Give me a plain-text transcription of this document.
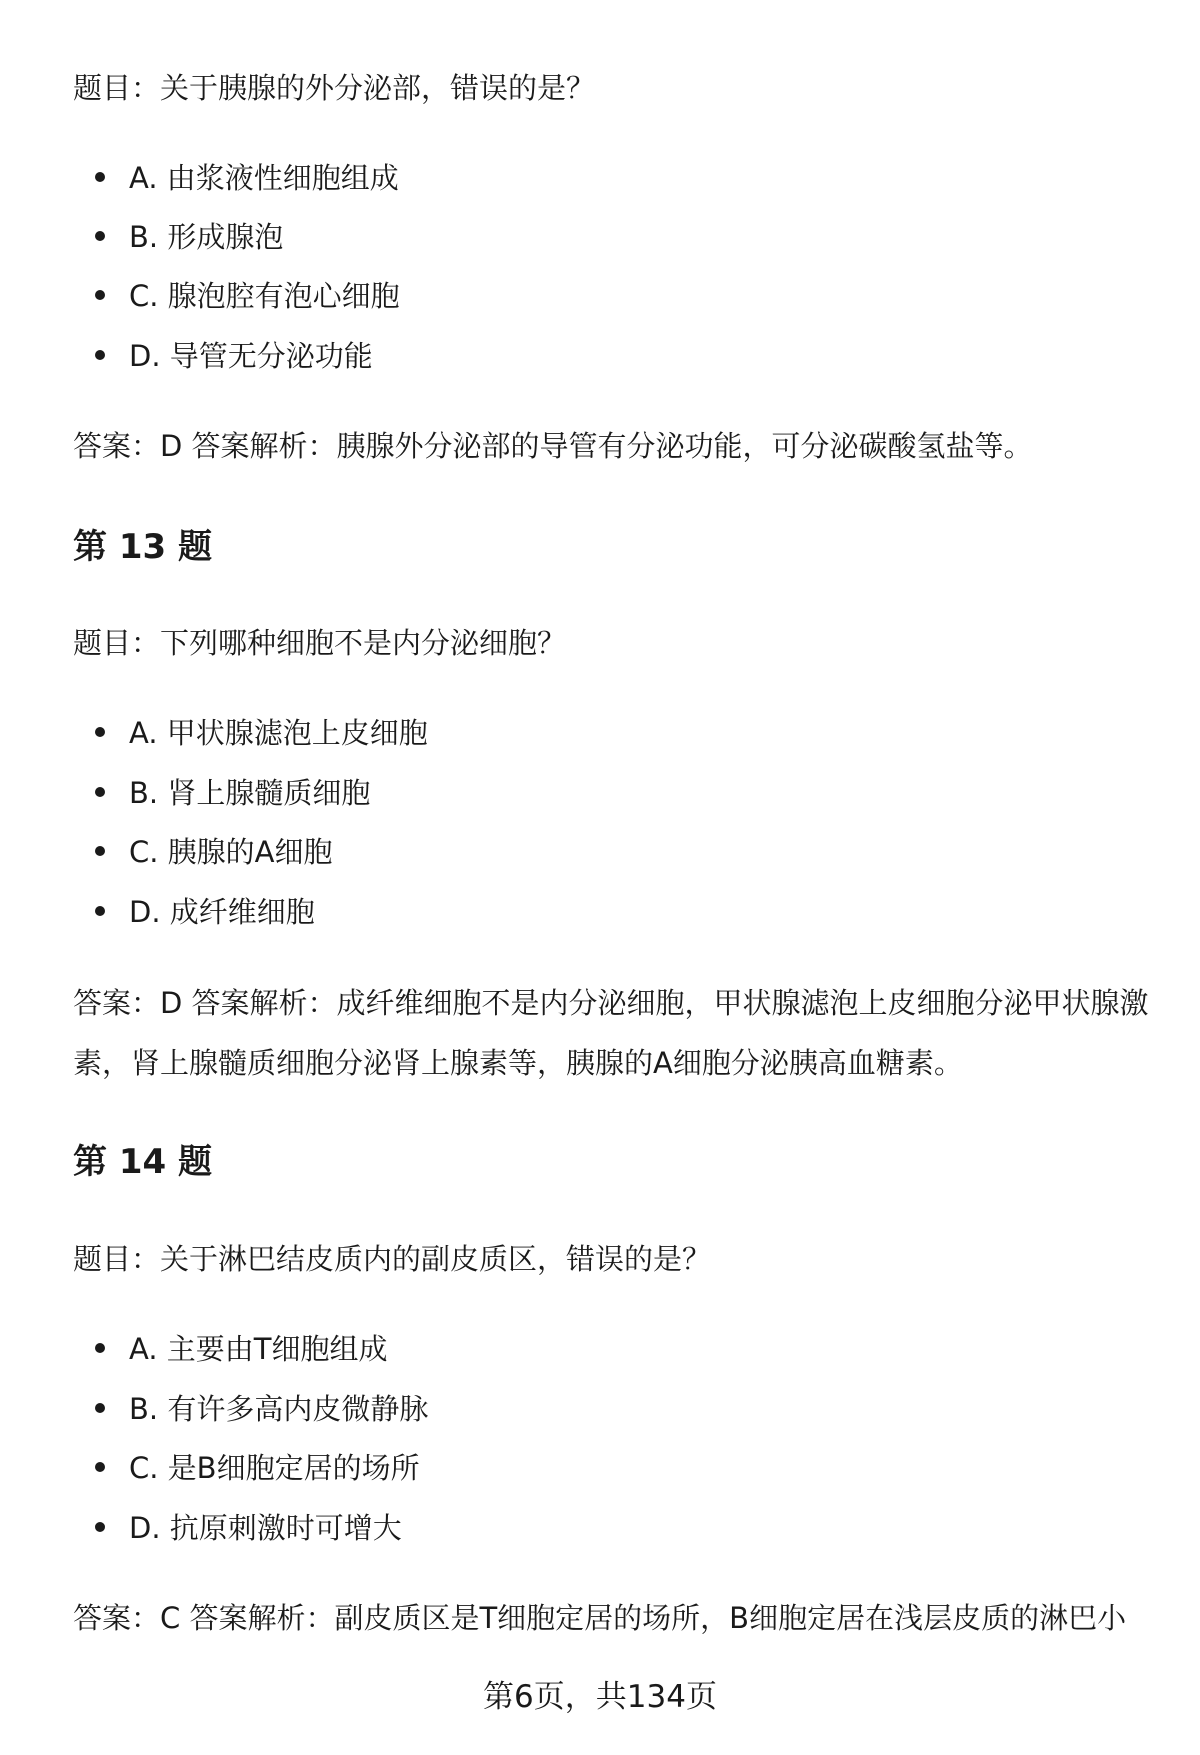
题目：关于胰腺的外分泌部，错误的是？
A. 由浆液性细胞组成
B. 形成腺泡
C. 腺泡腔有泡心细胞
D. 导管无分泌功能
答案：D 答案解析：胰腺外分泌部的导管有分泌功能，可分泌碳酸氢盐等。
第 13 题
题目：下列哪种细胞不是内分泌细胞？
A. 甲状腺滤泡上皮细胞
B. 肾上腺髓质细胞
C. 胰腺的A细胞
D. 成纤维细胞
答案：D 答案解析：成纤维细胞不是内分泌细胞，甲状腺滤泡上皮细胞分泌甲状腺激素，肾上腺髓质细胞分泌肾上腺素等，胰腺的A细胞分泌胰高血糖素。
第 14 题
题目：关于淋巴结皮质内的副皮质区，错误的是？
A. 主要由T细胞组成
B. 有许多高内皮微静脉
C. 是B细胞定居的场所
D. 抗原刺激时可增大
答案：C 答案解析：副皮质区是T细胞定居的场所，B细胞定居在浅层皮质的淋巴小
第6页，共134页
